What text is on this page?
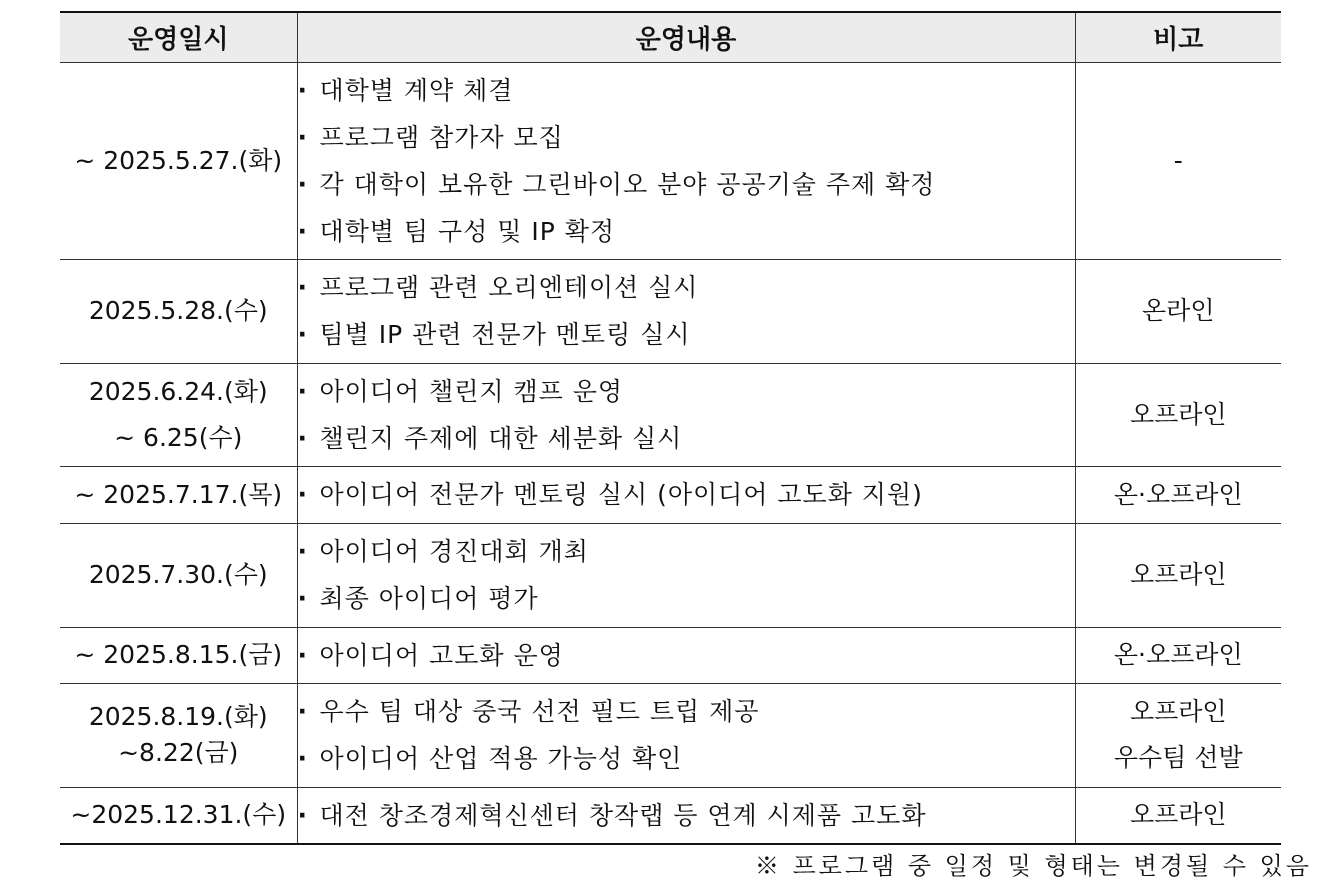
운영일시	운영내용	비고

~ 2025.5.27.(화)	· 대학별 계약 체결
· 프로그램 참가자 모집
· 각 대학이 보유한 그린바이오 분야 공공기술 주제 확정
· 대학별 팀 구성 및 IP 확정	-

2025.5.28.(수)	· 프로그램 관련 오리엔테이션 실시
· 팀별 IP 관련 전문가 멘토링 실시	온라인

2025.6.24.(화)
~ 6.25(수)	· 아이디어 챌린지 캠프 운영
· 챌린지 주제에 대한 세분화 실시	오프라인

~ 2025.7.17.(목)	· 아이디어 전문가 멘토링 실시 (아이디어 고도화 지원)	온·오프라인

2025.7.30.(수)	· 아이디어 경진대회 개최
· 최종 아이디어 평가	오프라인

~ 2025.8.15.(금)	· 아이디어 고도화 운영	온·오프라인

2025.8.19.(화)
~8.22(금)	· 우수 팀 대상 중국 선전 필드 트립 제공
· 아이디어 산업 적용 가능성 확인	오프라인
우수팀 선발

~2025.12.31.(수)	· 대전 창조경제혁신센터 창작랩 등 연계 시제품 고도화	오프라인
※ 프로그램 중 일정 및 형태는 변경될 수 있음
